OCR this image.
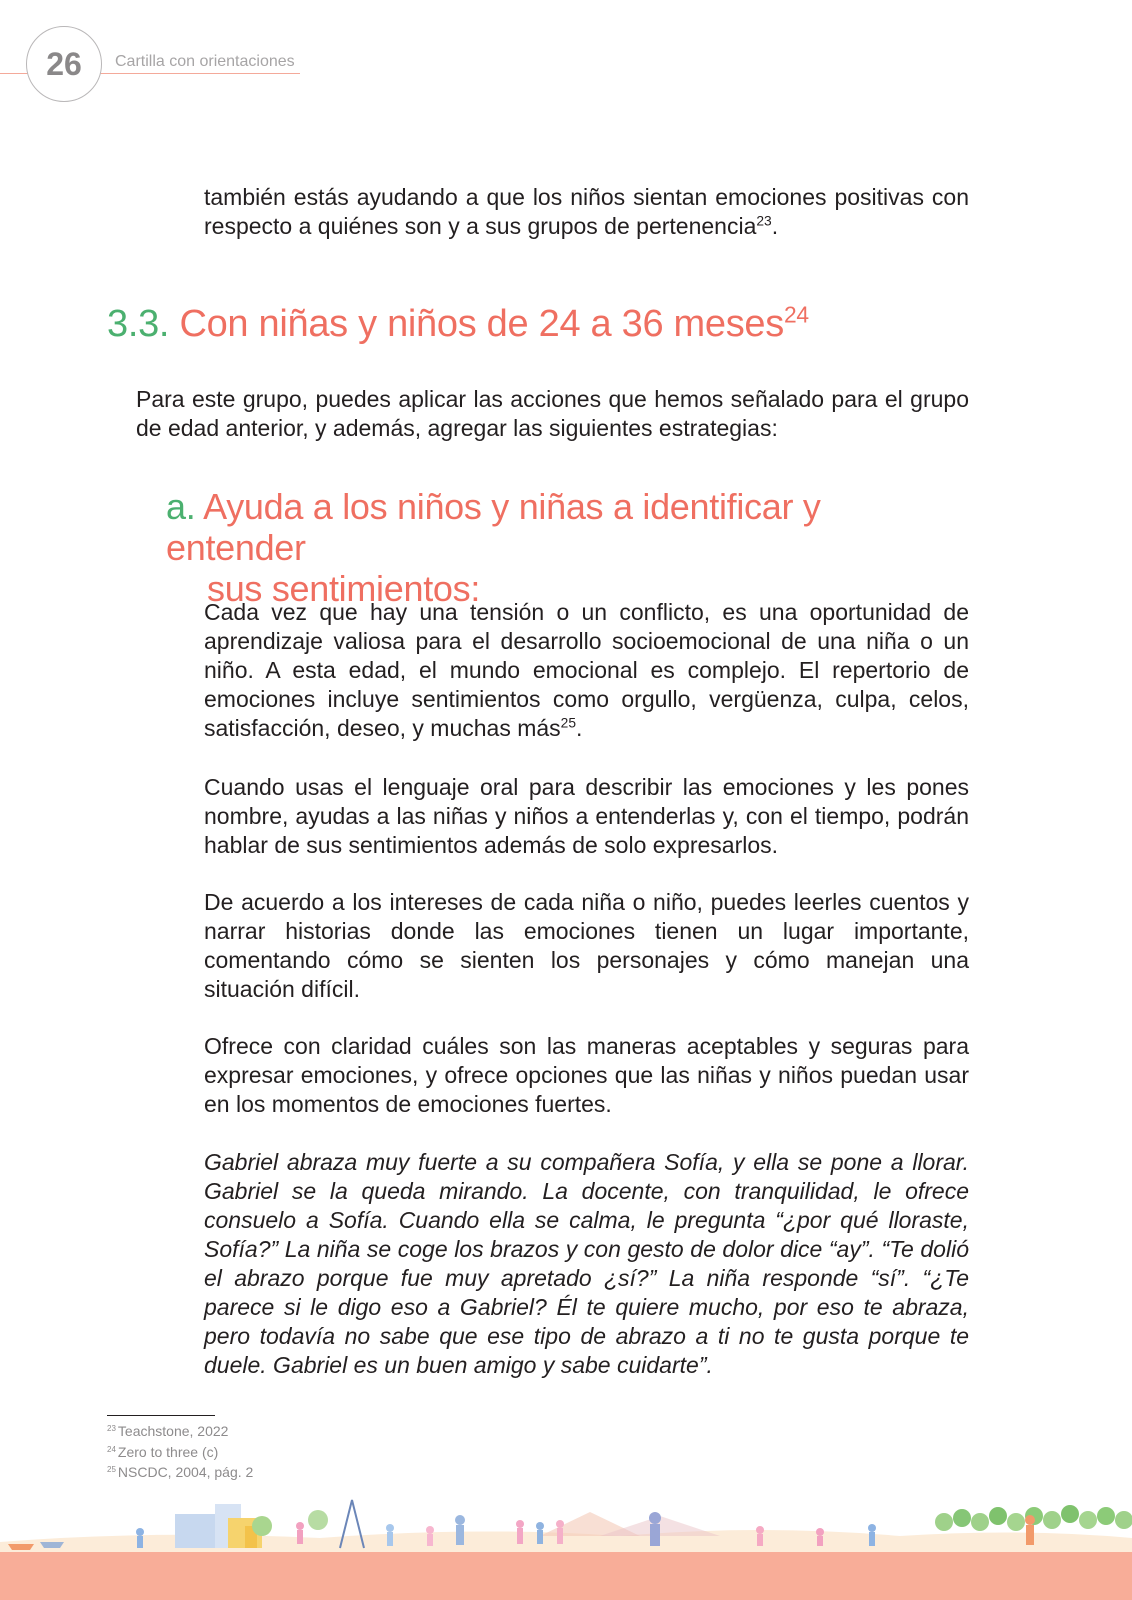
26	Cartilla con orientaciones

también estás ayudando a que los niños sientan emociones positivas con respecto a quiénes son y a sus grupos de pertenencia$^{23}$.

3.3. Con niñas y niños de 24 a 36 meses$^{24}$

Para este grupo, puedes aplicar las acciones que hemos señalado para el grupo de edad anterior, y además, agregar las siguientes estrategias:

a. Ayuda a los niños y niñas a identificar y entender
sus sentimientos:

Cada vez que hay una tensión o un conflicto, es una oportunidad de aprendizaje valiosa para el desarrollo socioemocional de una niña o un niño. A esta edad, el mundo emocional es complejo. El repertorio de emociones incluye sentimientos como orgullo, vergüenza, culpa, celos, satisfacción, deseo, y muchas más$^{25}$.

Cuando usas el lenguaje oral para describir las emociones y les pones nombre, ayudas a las niñas y niños a entenderlas y, con el tiempo, podrán hablar de sus sentimientos además de solo expresarlos.

De acuerdo a los intereses de cada niña o niño, puedes leerles cuentos y narrar historias donde las emociones tienen un lugar importante, comentando cómo se sienten los personajes y cómo manejan una situación difícil.

Ofrece con claridad cuáles son las maneras aceptables y seguras para expresar emociones, y ofrece opciones que las niñas y niños puedan usar en los momentos de emociones fuertes.

Gabriel abraza muy fuerte a su compañera Sofía, y ella se pone a llorar. Gabriel se la queda mirando. La docente, con tranquilidad, le ofrece consuelo a Sofía. Cuando ella se calma, le pregunta “¿por qué lloraste, Sofía?” La niña se coge los brazos y con gesto de dolor dice “ay”. “Te dolió el abrazo porque fue muy apretado ¿sí?” La niña responde “sí”. “¿Te parece si le digo eso a Gabriel? Él te quiere mucho, por eso te abraza, pero todavía no sabe que ese tipo de abrazo a ti no te gusta porque te duele. Gabriel es un buen amigo y sabe cuidarte”.

$^{23}$ Teachstone, 2022
$^{24}$ Zero to three (c)
$^{25}$ NSCDC, 2004, pág. 2
